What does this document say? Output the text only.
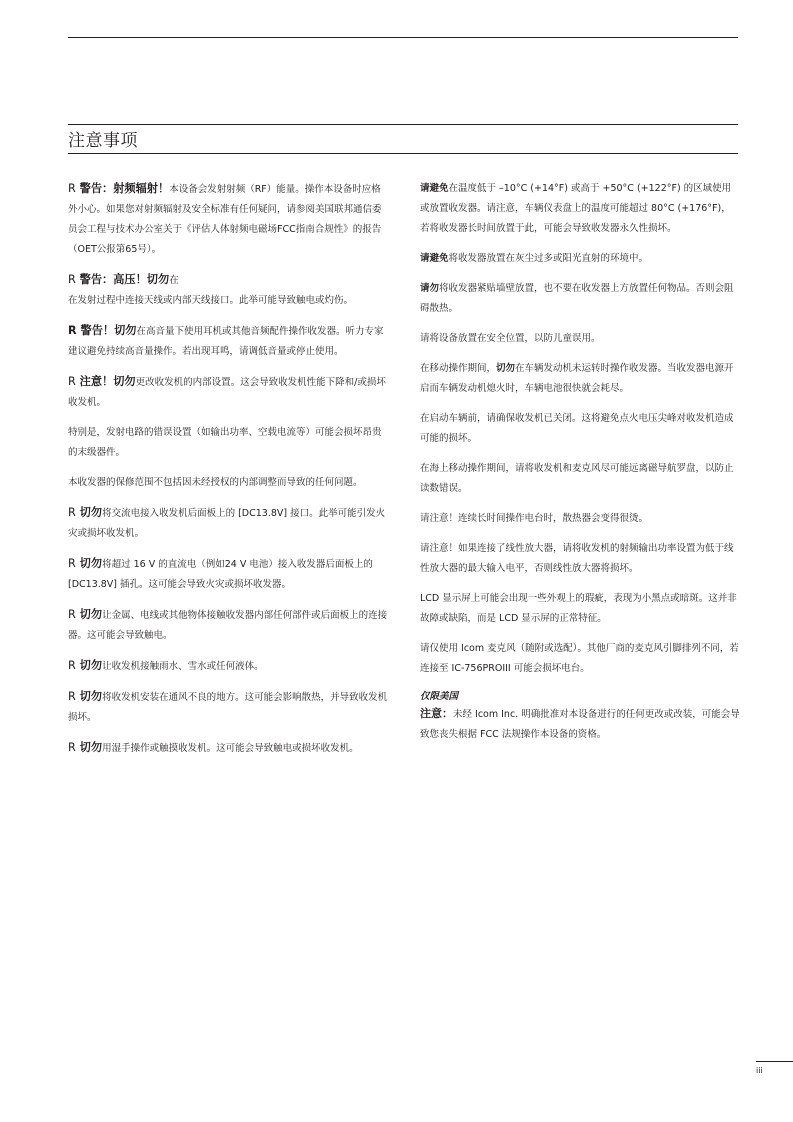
注意事项
R 警告：射频辐射！本设备会发射射频（RF）能量。操作本设备时应格外小心。如果您对射频辐射及安全标准有任何疑问，请参阅美国联邦通信委员会工程与技术办公室关于《评估人体射频电磁场FCC指南合规性》的报告（OET公报第65号）。
R 警告：高压！切勿在
在发射过程中连接天线或内部天线接口。此举可能导致触电或灼伤。
R 警告！切勿在高音量下使用耳机或其他音频配件操作收发器。听力专家建议避免持续高音量操作。若出现耳鸣，请调低音量或停止使用。
R 注意！切勿更改收发机的内部设置。这会导致收发机性能下降和/或损坏收发机。
特别是，发射电路的错误设置（如输出功率、空载电流等）可能会损坏昂贵的末级器件。
本收发器的保修范围不包括因未经授权的内部调整而导致的任何问题。
R 切勿将交流电接入收发机后面板上的 [DC13.8V] 接口。此举可能引发火灾或损坏收发机。
R 切勿将超过 16 V 的直流电（例如24 V 电池）接入收发器后面板上的 [DC13.8V] 插孔。这可能会导致火灾或损坏收发器。
R 切勿让金属、电线或其他物体接触收发器内部任何部件或后面板上的连接器。这可能会导致触电。
R 切勿让收发机接触雨水、雪水或任何液体。
R 切勿将收发机安装在通风不良的地方。这可能会影响散热，并导致收发机损坏。
R 切勿用湿手操作或触摸收发机。这可能会导致触电或损坏收发机。
请避免在温度低于 –10°C (+14°F) 或高于 +50°C (+122°F) 的区域使用或放置收发器。请注意，车辆仪表盘上的温度可能超过 80°C (+176°F)，若将收发器长时间放置于此，可能会导致收发器永久性损坏。
请避免将收发器放置在灰尘过多或阳光直射的环境中。
请勿将收发器紧贴墙壁放置，也不要在收发器上方放置任何物品。否则会阻碍散热。
请将设备放置在安全位置，以防儿童误用。
在移动操作期间，切勿在车辆发动机未运转时操作收发器。当收发器电源开启而车辆发动机熄火时，车辆电池很快就会耗尽。
在启动车辆前，请确保收发机已关闭。这将避免点火电压尖峰对收发机造成可能的损坏。
在海上移动操作期间，请将收发机和麦克风尽可能远离磁导航罗盘，以防止读数错误。
请注意！连续长时间操作电台时，散热器会变得很烫。
请注意！如果连接了线性放大器，请将收发机的射频输出功率设置为低于线性放大器的最大输入电平，否则线性放大器将损坏。
LCD 显示屏上可能会出现一些外观上的瑕疵，表现为小黑点或暗斑。这并非故障或缺陷，而是 LCD 显示屏的正常特征。
请仅使用 Icom 麦克风（随附或选配）。其他厂商的麦克风引脚排列不同，若连接至 IC-756PROIII 可能会损坏电台。
仅限美国
注意：未经 Icom Inc. 明确批准对本设备进行的任何更改或改装，可能会导致您丧失根据 FCC 法规操作本设备的资格。
iii
